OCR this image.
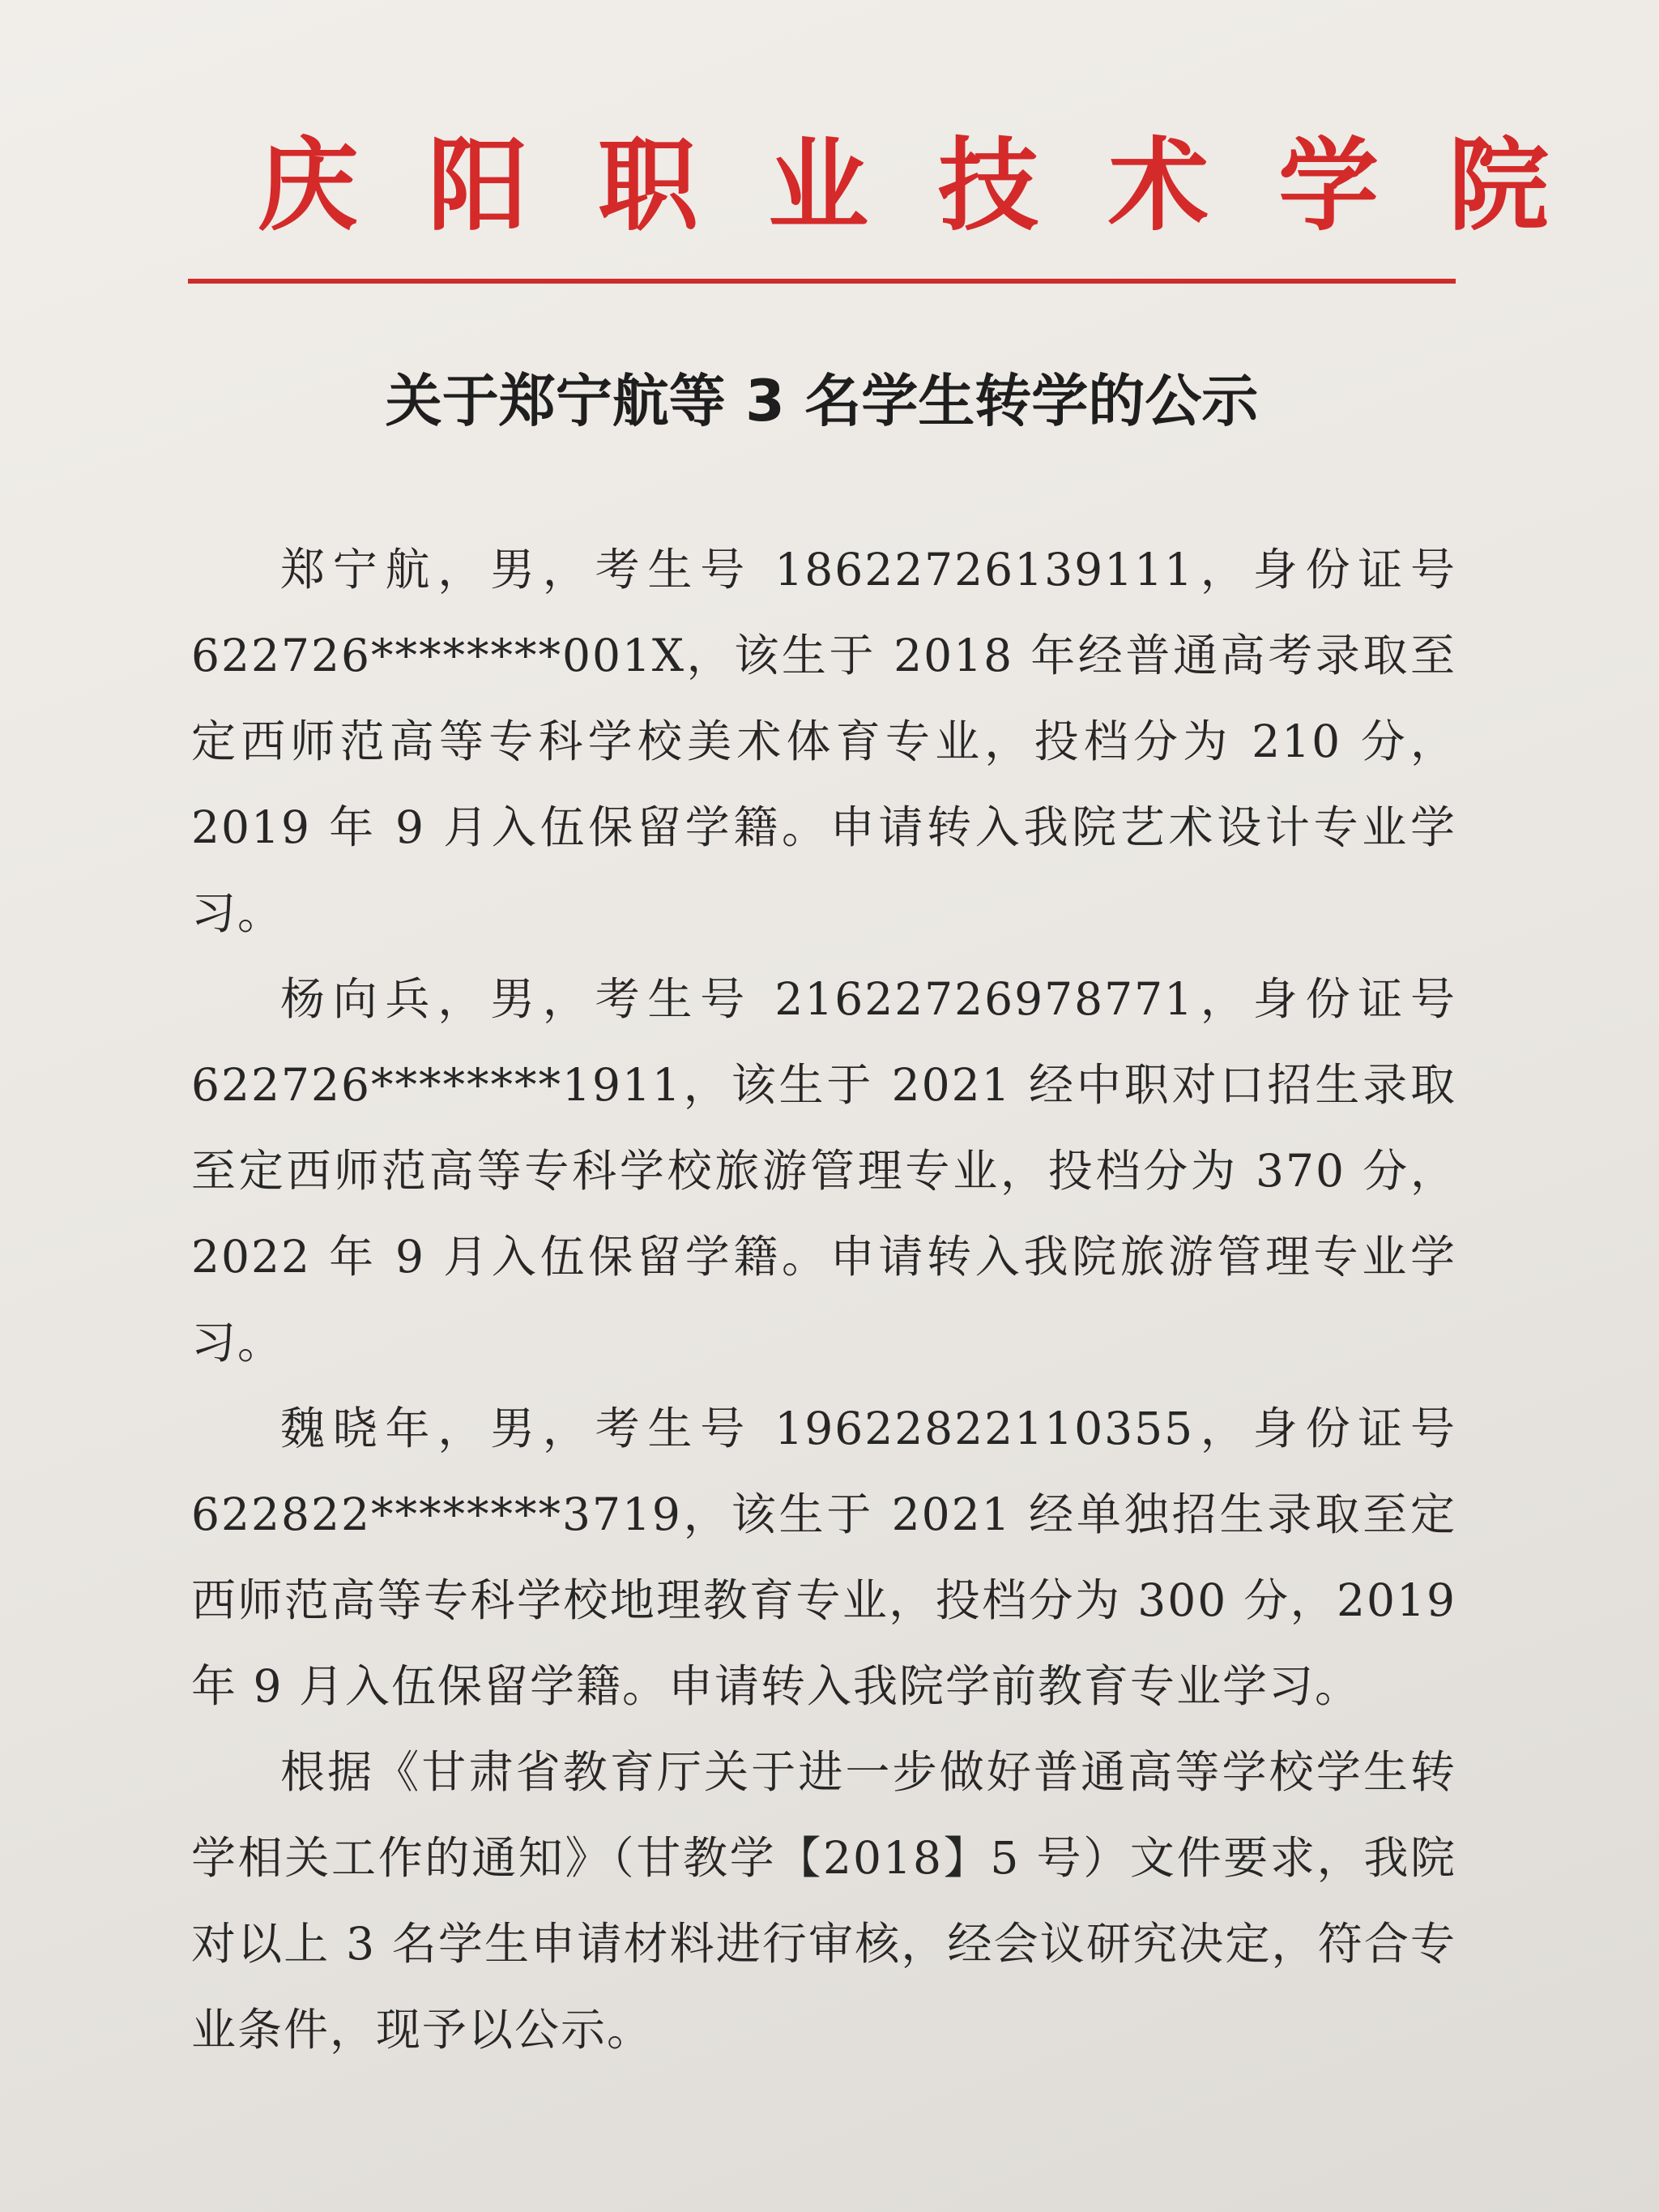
庆阳职业技术学院
关于郑宁航等 3 名学生转学的公示

郑宁航，男，考生号 18622726139111，身份证号 622726********001X，该生于 2018 年经普通高考录取至定西师范高等专科学校美术体育专业，投档分为 210 分，2019 年 9 月入伍保留学籍。申请转入我院艺术设计专业学习。

杨向兵，男，考生号 21622726978771，身份证号 622726********1911，该生于 2021 经中职对口招生录取至定西师范高等专科学校旅游管理专业，投档分为 370 分，2022 年 9 月入伍保留学籍。申请转入我院旅游管理专业学习。

魏晓年，男，考生号 19622822110355，身份证号 622822********3719，该生于 2021 经单独招生录取至定西师范高等专科学校地理教育专业，投档分为 300 分，2019 年 9 月入伍保留学籍。申请转入我院学前教育专业学习。

根据《甘肃省教育厅关于进一步做好普通高等学校学生转学相关工作的通知》（甘教学【2018】5 号）文件要求，我院对以上 3 名学生申请材料进行审核，经会议研究决定，符合专业条件，现予以公示。
